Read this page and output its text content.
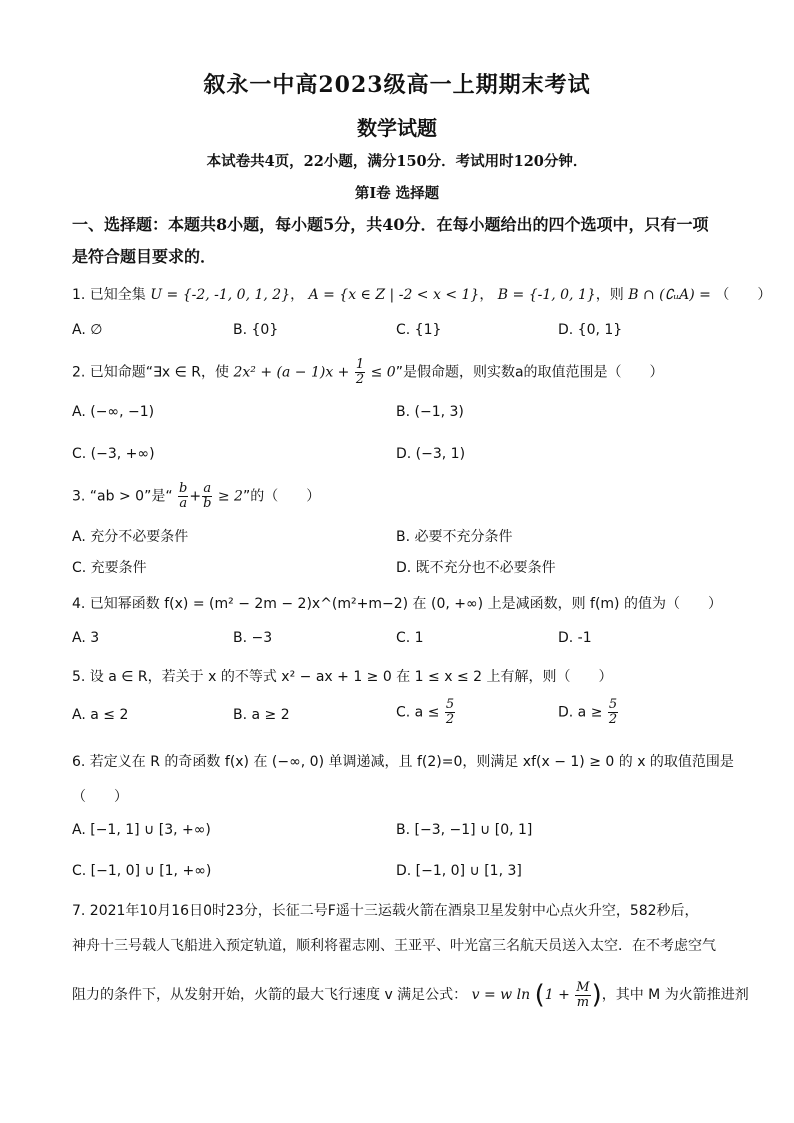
叙永一中高2023级高一上期期末考试
数学试题
本试卷共4页，22小题，满分150分．考试用时120分钟．
第I卷 选择题
一、选择题：本题共8小题，每小题5分，共40分．在每小题给出的四个选项中，只有一项
是符合题目要求的．
1. 已知全集 U = {-2, -1, 0, 1, 2}， A = {x ∈ Z | -2 < x < 1}， B = {-1, 0, 1}，则 B ∩ (∁ᵤA) = （　　）
A. ∅	B. {0}	C. {1}	D. {0, 1}
2. 已知命题“∃x ∈ R，使 $2x^2 + (a - 1)x + \frac{1}{2} \le 0$”是假命题，则实数a的取值范围是（　　）
A. (−∞, −1)	B. (−1, 3)
C. (−3, +∞)	D. (−3, 1)
3. “ab > 0”是“ $\frac{b}{a} + \frac{a}{b} \ge 2$”的（　　）
A. 充分不必要条件	B. 必要不充分条件
C. 充要条件	D. 既不充分也不必要条件
4. 已知幂函数 f(x) = (m² − 2m − 2)x^(m²+m−2) 在 (0, +∞) 上是减函数，则 f(m) 的值为（　　）
A. 3	B. −3	C. 1	D. -1
5. 设 a ∈ R，若关于 x 的不等式 x² − ax + 1 ≥ 0 在 1 ≤ x ≤ 2 上有解，则（　　）
A. a ≤ 2	B. a ≥ 2	C. $a \le \frac{5}{2}$	D. $a \ge \frac{5}{2}$
6. 若定义在 R 的奇函数 f(x) 在 (−∞, 0) 单调递减，且 f(2)=0，则满足 xf(x − 1) ≥ 0 的 x 的取值范围是
（　　）
A. [−1, 1] ∪ [3, +∞)	B. [−3, −1] ∪ [0, 1]
C. [−1, 0] ∪ [1, +∞)	D. [−1, 0] ∪ [1, 3]
7. 2021年10月16日0时23分，长征二号F遥十三运载火箭在酒泉卫星发射中心点火升空，582秒后，
神舟十三号载人飞船进入预定轨道，顺利将翟志刚、王亚平、叶光富三名航天员送入太空．在不考虑空气
阻力的条件下，从发射开始，火箭的最大飞行速度 v 满足公式： v = w $\ln (1 + \frac{M}{m}$ )，其中 M 为火箭推进剂
